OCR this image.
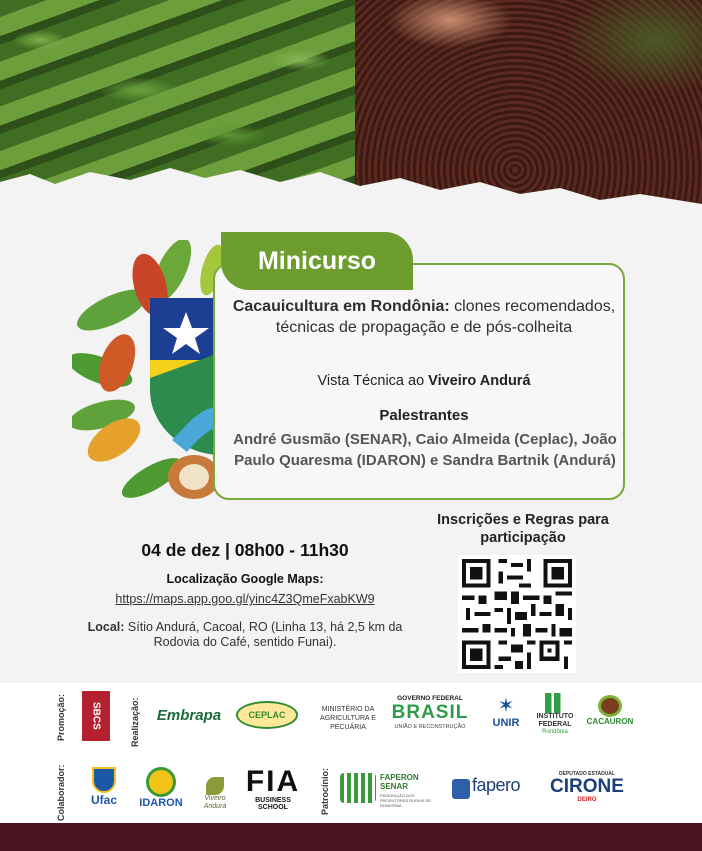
Minicurso
Cacauicultura em Rondônia: clones recomendados, técnicas de propagação e de pós-colheita
Vista Técnica ao Viveiro Andurá
Palestrantes
André Gusmão (SENAR), Caio Almeida (Ceplac), João Paulo Quaresma (IDARON) e Sandra Bartnik (Andurá)
04 de dez | 08h00 - 11h30
Localização Google Maps:
https://maps.app.goo.gl/yinc4Z3QmeFxabKW9
Local: Sítio Andurá, Cacoal, RO (Linha 13, há 2,5 km da Rodovia do Café, sentido Funai).
Inscrições e Regras para participação
Promoção: SBCS	Realização:	Embrapa	CEPLAC
MINISTÉRIO DA AGRICULTURA E PECUÁRIA
GOVERNO FEDERAL
BRASIL
UNIÃO E RECONSTRUÇÃO
✶
UNIR
INSTITUTO FEDERAL
Rondônia
CACAURON
Colaborador:	Ufac	IDARON	Viveiro Andurá
FIA
BUSINESS SCHOOL	Patrocínio:	FAPERON SENAR
FEDERAÇÃO DOS PRODUTORES RURAIS DE RONDÔNIA
fapero
DEPUTADO ESTADUAL
CIRONE
DEIRO
